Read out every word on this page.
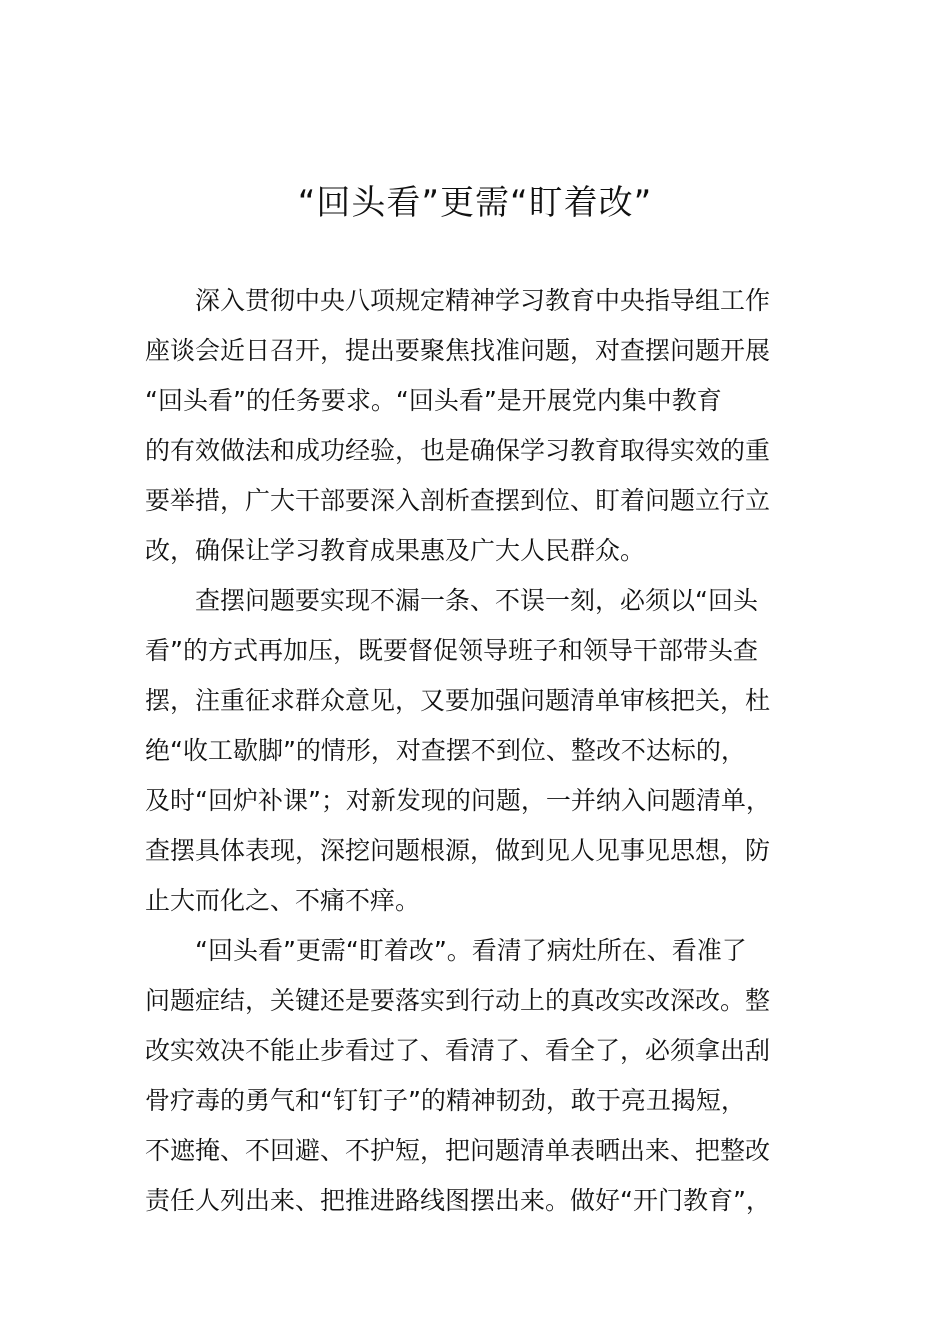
“回头看”更需“盯着改”
深入贯彻中央八项规定精神学习教育中央指导组工作
座谈会近日召开，提出要聚焦找准问题，对查摆问题开展
“回头看”的任务要求。“回头看”是开展党内集中教育
的有效做法和成功经验，也是确保学习教育取得实效的重
要举措，广大干部要深入剖析查摆到位、盯着问题立行立
改，确保让学习教育成果惠及广大人民群众。
查摆问题要实现不漏一条、不误一刻，必须以“回头
看”的方式再加压，既要督促领导班子和领导干部带头查
摆，注重征求群众意见，又要加强问题清单审核把关，杜
绝“收工歇脚”的情形，对查摆不到位、整改不达标的，
及时“回炉补课”；对新发现的问题，一并纳入问题清单，
查摆具体表现，深挖问题根源，做到见人见事见思想，防
止大而化之、不痛不痒。
“回头看”更需“盯着改”。看清了病灶所在、看准了
问题症结，关键还是要落实到行动上的真改实改深改。整
改实效决不能止步看过了、看清了、看全了，必须拿出刮
骨疗毒的勇气和“钉钉子”的精神韧劲，敢于亮丑揭短，
不遮掩、不回避、不护短，把问题清单表晒出来、把整改
责任人列出来、把推进路线图摆出来。做好“开门教育”，
